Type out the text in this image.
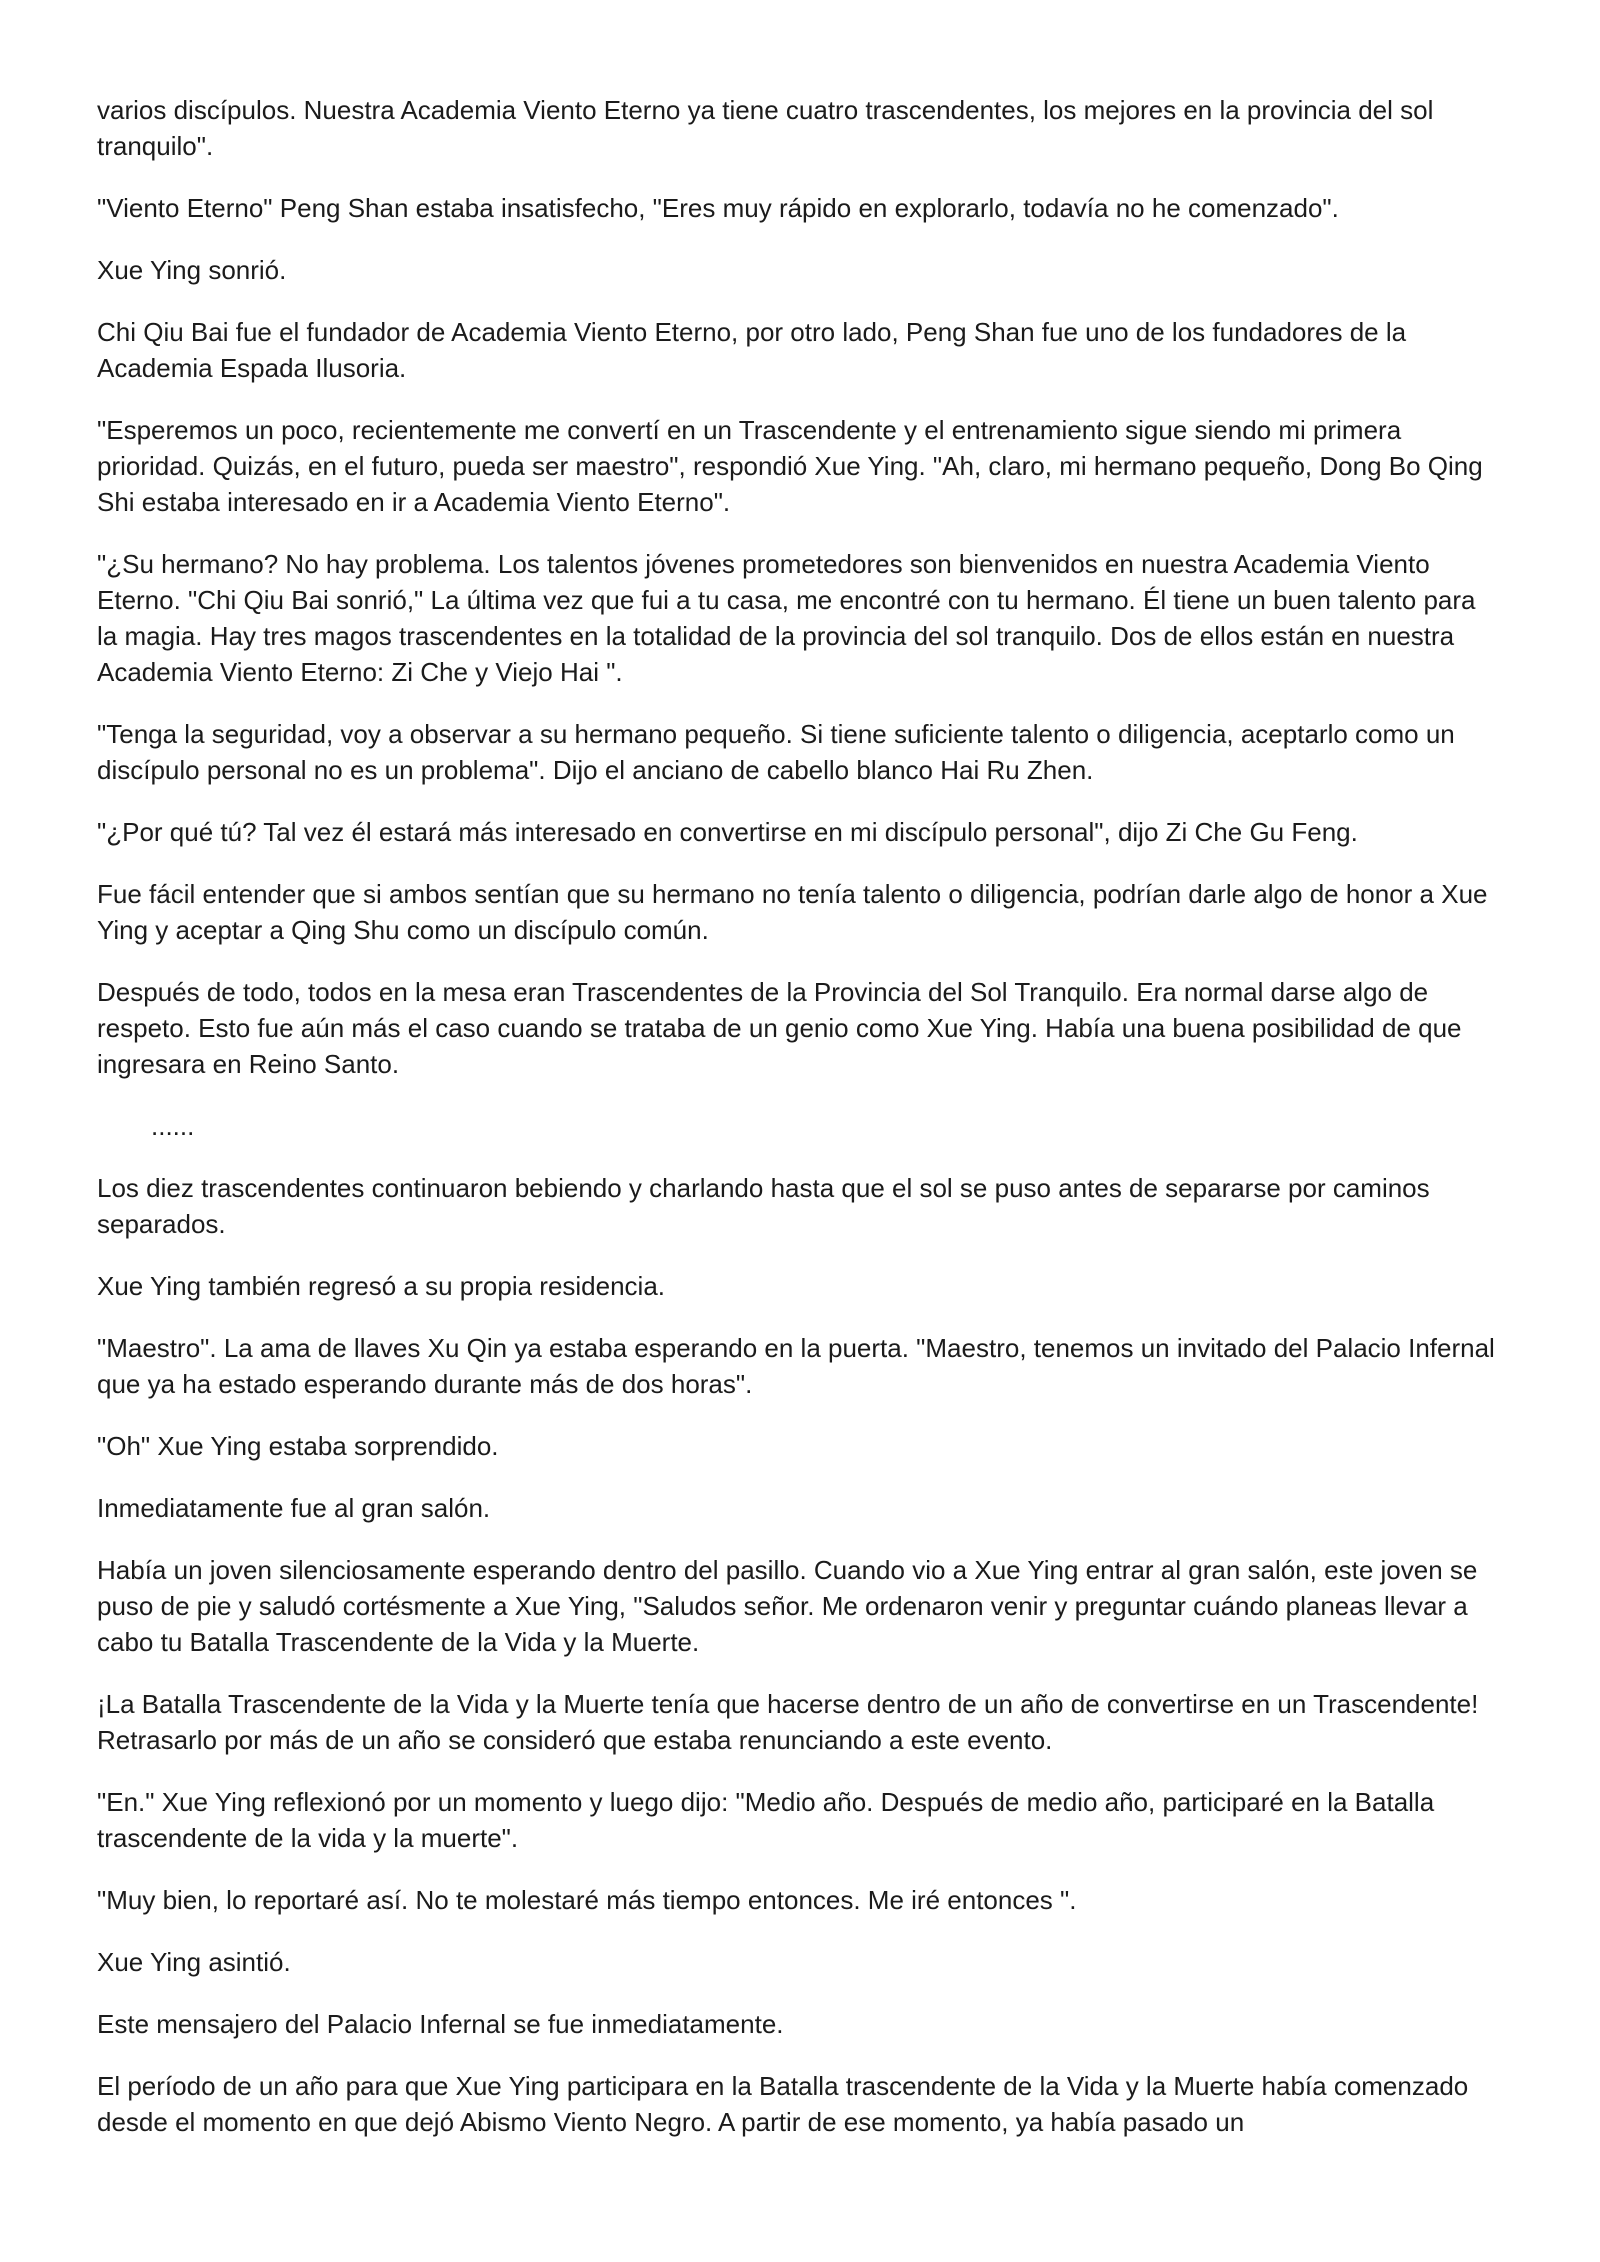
varios discípulos. Nuestra Academia Viento Eterno ya tiene cuatro trascendentes, los mejores en la provincia del sol tranquilo".

"Viento Eterno" Peng Shan estaba insatisfecho, "Eres muy rápido en explorarlo, todavía no he comenzado".

Xue Ying sonrió.

Chi Qiu Bai fue el fundador de Academia Viento Eterno, por otro lado, Peng Shan fue uno de los fundadores de la Academia Espada Ilusoria.

"Esperemos un poco, recientemente me convertí en un Trascendente y el entrenamiento sigue siendo mi primera prioridad. Quizás, en el futuro, pueda ser maestro", respondió Xue Ying. "Ah, claro, mi hermano pequeño, Dong Bo Qing Shi estaba interesado en ir a Academia Viento Eterno".

"¿Su hermano? No hay problema. Los talentos jóvenes prometedores son bienvenidos en nuestra Academia Viento Eterno. "Chi Qiu Bai sonrió," La última vez que fui a tu casa, me encontré con tu hermano. Él tiene un buen talento para la magia. Hay tres magos trascendentes en la totalidad de la provincia del sol tranquilo. Dos de ellos están en nuestra Academia Viento Eterno: Zi Che y Viejo Hai ".

"Tenga la seguridad, voy a observar a su hermano pequeño. Si tiene suficiente talento o diligencia, aceptarlo como un discípulo personal no es un problema". Dijo el anciano de cabello blanco Hai Ru Zhen.

"¿Por qué tú? Tal vez él estará más interesado en convertirse en mi discípulo personal", dijo Zi Che Gu Feng.

Fue fácil entender que si ambos sentían que su hermano no tenía talento o diligencia, podrían darle algo de honor a Xue Ying y aceptar a Qing Shu como un discípulo común.

Después de todo, todos en la mesa eran Trascendentes de la Provincia del Sol Tranquilo. Era normal darse algo de respeto. Esto fue aún más el caso cuando se trataba de un genio como Xue Ying. Había una buena posibilidad de que ingresara en Reino Santo.

......

Los diez trascendentes continuaron bebiendo y charlando hasta que el sol se puso antes de separarse por caminos separados.

Xue Ying también regresó a su propia residencia.

"Maestro". La ama de llaves Xu Qin ya estaba esperando en la puerta. "Maestro, tenemos un invitado del Palacio Infernal que ya ha estado esperando durante más de dos horas".

"Oh" Xue Ying estaba sorprendido.

Inmediatamente fue al gran salón.

Había un joven silenciosamente esperando dentro del pasillo. Cuando vio a Xue Ying entrar al gran salón, este joven se puso de pie y saludó cortésmente a Xue Ying, "Saludos señor. Me ordenaron venir y preguntar cuándo planeas llevar a cabo tu Batalla Trascendente de la Vida y la Muerte.

¡La Batalla Trascendente de la Vida y la Muerte tenía que hacerse dentro de un año de convertirse en un Trascendente! Retrasarlo por más de un año se consideró que estaba renunciando a este evento.

"En." Xue Ying reflexionó por un momento y luego dijo: "Medio año. Después de medio año, participaré en la Batalla trascendente de la vida y la muerte".

"Muy bien, lo reportaré así. No te molestaré más tiempo entonces. Me iré entonces ".

Xue Ying asintió.

Este mensajero del Palacio Infernal se fue inmediatamente.

El período de un año para que Xue Ying participara en la Batalla trascendente de la Vida y la Muerte había comenzado desde el momento en que dejó Abismo Viento Negro. A partir de ese momento, ya había pasado un
